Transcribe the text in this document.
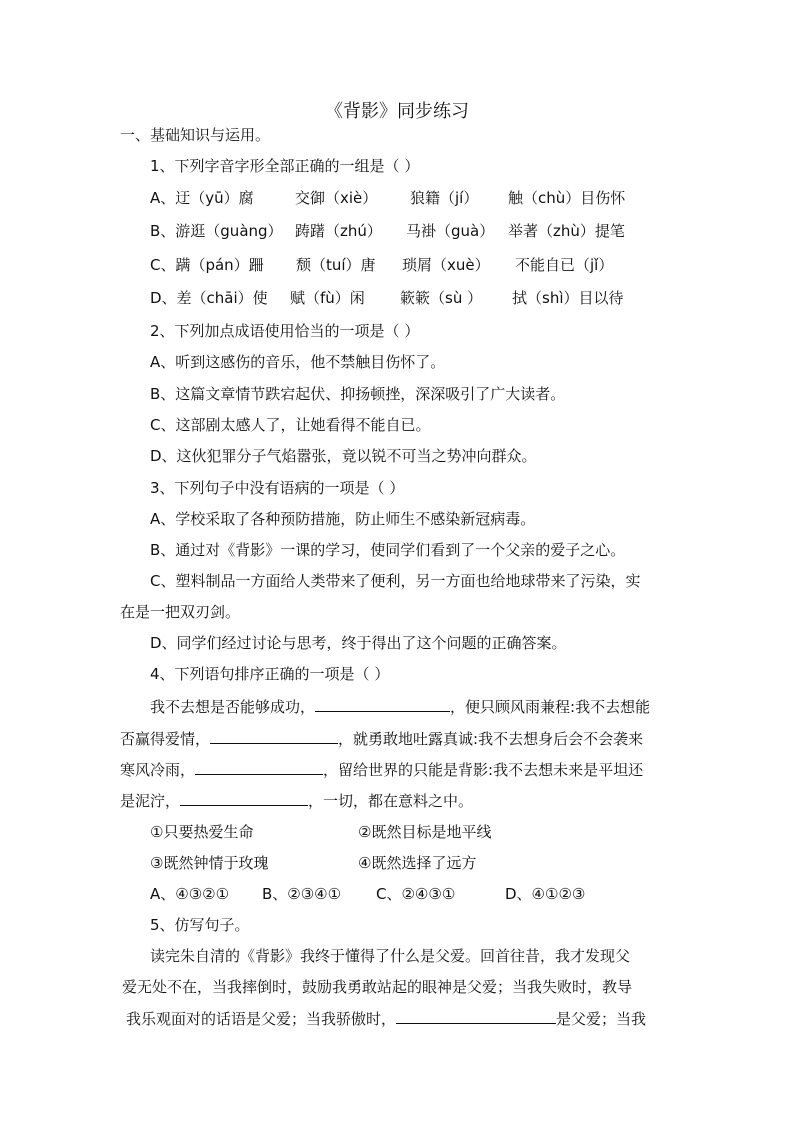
《背影》同步练习
一、基础知识与运用。
1、下列字音字形全部正确的一组是（ ）
A、迂（yū）腐	交御（xiè） 狼籍（jí） 触（chù）目伤怀
B、游逛（guàng） 踌躇（zhú） 马褂（guà） 举著（zhù）提笔
C、蹒（pán）跚 颓（tuí）唐 琐屑（xuè） 不能自已（jǐ）
D、差（chāi）使 赋（fù）闲 簌簌（sù ） 拭（shì）目以待
2、下列加点成语使用恰当的一项是（ ）
A、听到这感伤的音乐，他不禁触目伤怀了。
B、这篇文章情节跌宕起伏、抑扬顿挫，深深吸引了广大读者。
C、这部剧太感人了，让她看得不能自已。
D、这伙犯罪分子气焰嚣张，竟以锐不可当之势冲向群众。
3、下列句子中没有语病的一项是（ ）
A、学校采取了各种预防措施，防止师生不感染新冠病毒。
B、通过对《背影》一课的学习，使同学们看到了一个父亲的爱子之心。
C、塑料制品一方面给人类带来了便利，另一方面也给地球带来了污染，实
在是一把双刃剑。
D、同学们经过讨论与思考，终于得出了这个问题的正确答案。
4、下列语句排序正确的一项是（ ）
我不去想是否能够成功，	，便只顾风雨兼程:我不去想能
否赢得爱情，	，就勇敢地吐露真诚:我不去想身后会不会袭来
寒风冷雨，	，留给世界的只能是背影:我不去想未来是平坦还
是泥泞，	，一切，都在意料之中。
①只要热爱生命	②既然目标是地平线
③既然钟情于玫瑰	④既然选择了远方
A、④③②① B、②③④① C、②④③①	D、④①②③
5、仿写句子。
读完朱自清的《背影》我终于懂得了什么是父爱。回首往昔，我才发现父
爱无处不在，当我摔倒时，鼓励我勇敢站起的眼神是父爱；当我失败时，教导
我乐观面对的话语是父爱；当我骄傲时，	是父爱；当我
